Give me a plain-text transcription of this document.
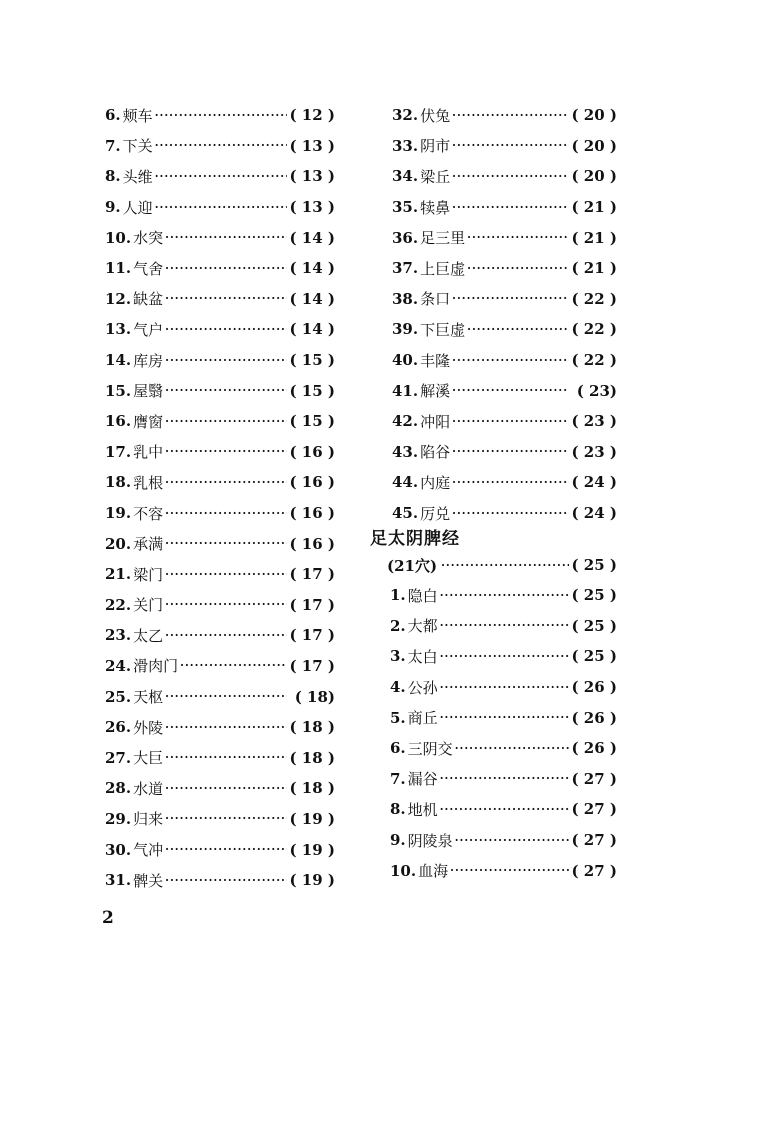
6. 颊车 ·····	( 12 )
7. 下关 ·····	( 13 )
8. 头维 ·····	( 13 )
9. 人迎 ·····	( 13 )
10. 水突 ·····	( 14 )
11. 气舍 ·····	( 14 )
12. 缺盆 ·····	( 14 )
13. 气户 ·····	( 14 )
14. 库房 ·····	( 15 )
15. 屋翳 ·····	( 15 )
16. 膺窗 ·····	( 15 )
17. 乳中 ·····	( 16 )
18. 乳根 ·····	( 16 )
19. 不容 ·····	( 16 )
20. 承满 ·····	( 16 )
21. 梁门 ·····	( 17 )
22. 关门 ·····	( 17 )
23. 太乙 ·····	( 17 )
24. 滑肉门 ·····	( 17 )
25. 天枢 ·····	( 18)
26. 外陵 ·····	( 18 )
27. 大巨 ·····	( 18 )
28. 水道 ·····	( 18 )
29. 归来 ·····	( 19 )
30. 气冲 ·····	( 19 )
31. 髀关 ·····	( 19 )
32. 伏兔 ·····	( 20 )
33. 阴市 ·····	( 20 )
34. 梁丘 ·····	( 20 )
35. 犊鼻 ·····	( 21 )
36. 足三里 ·····	( 21 )
37. 上巨虚 ·····	( 21 )
38. 条口 ·····	( 22 )
39. 下巨虚 ·····	( 22 )
40. 丰隆 ·····	( 22 )
41. 解溪 ·····	( 23)
42. 冲阳 ·····	( 23 )
43. 陷谷 ·····	( 23 )
44. 内庭 ·····	( 24 )
45. 厉兑 ·····	( 24 )
足太阴脾经
(21穴) ·····	( 25 )
1. 隐白 ·····	( 25 )
2. 大都 ·····	( 25 )
3. 太白 ·····	( 25 )
4. 公孙 ·····	( 26 )
5. 商丘 ·····	( 26 )
6. 三阴交 ·····	( 26 )
7. 漏谷 ·····	( 27 )
8. 地机 ·····	( 27 )
9. 阴陵泉 ·····	( 27 )
10. 血海 ·····	( 27 )
2
